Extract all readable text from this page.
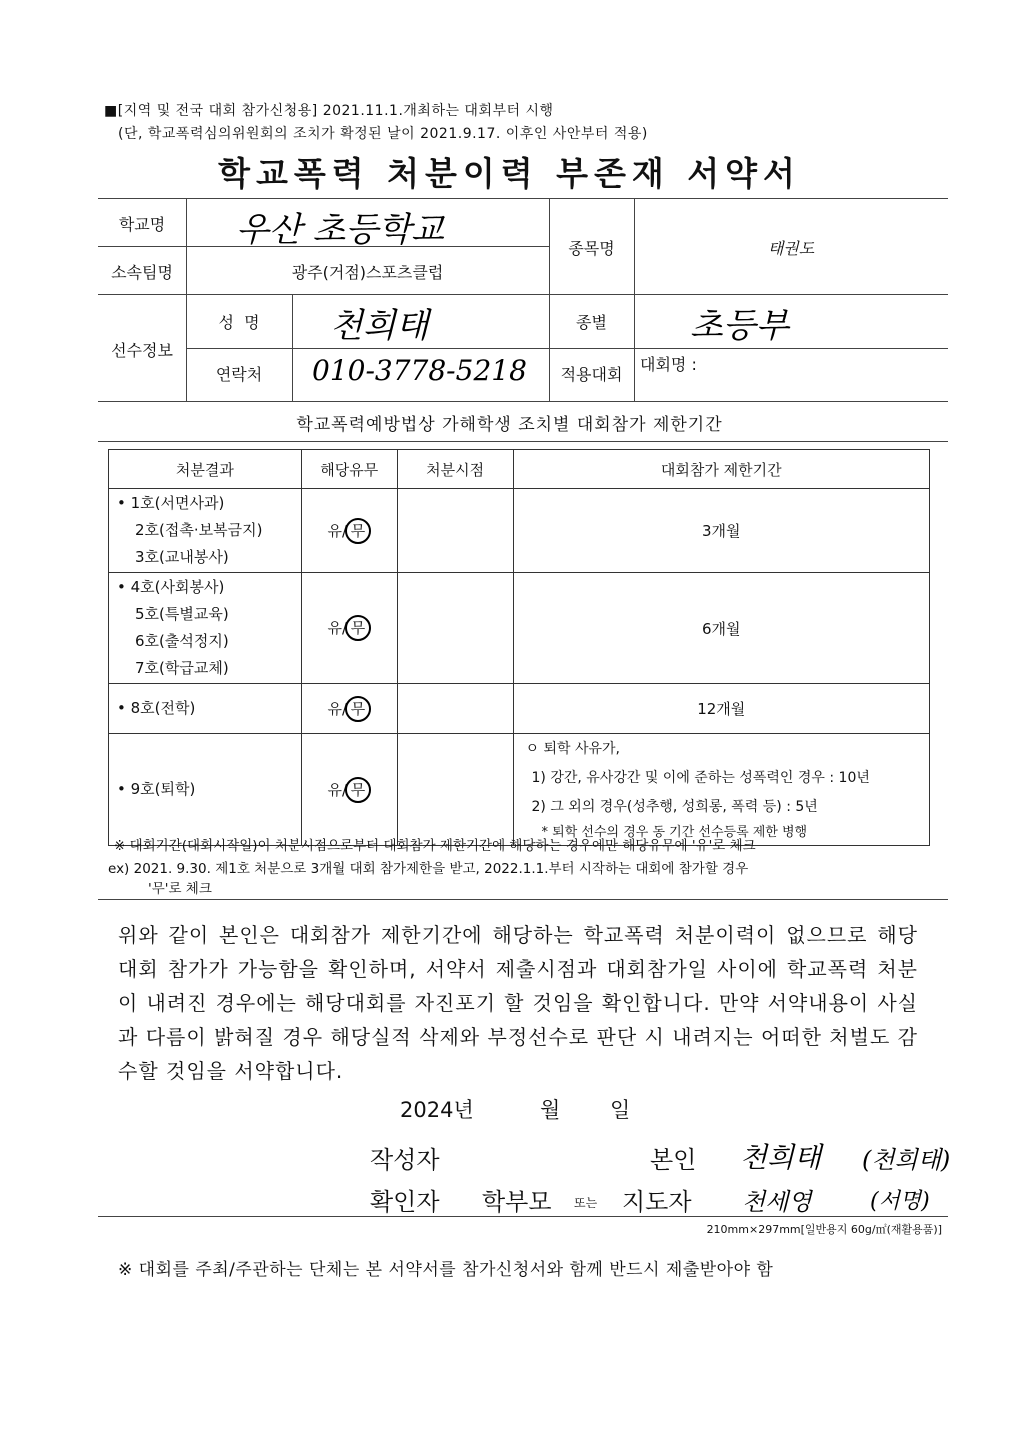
■[지역 및 전국 대회 참가신청용] 2021.11.1.개최하는 대회부터 시행
(단, 학교폭력심의위원회의 조치가 확정된 날이 2021.9.17. 이후인 사안부터 적용)
학교폭력 처분이력 부존재 서약서
학교명	우산 초등학교
소속팀명	광주(거점)스포츠클럽
종목명	태권도
선수정보
성  명	천희태	종별	초등부
연락처	010-3778-5218	적용대회
대회명 :
학교폭력예방법상 가해학생 조치별 대회참가 제한기간
처분결과	해당유무	처분시점	대회참가 제한기간

• 1호(서면사과)
2호(접촉·보복금지)
3호(교내봉사)	유/ 무		3개월

• 4호(사회봉사)
5호(특별교육)
6호(출석정지)
7호(학급교체)	유/ 무		6개월

• 8호(전학)	유/ 무		12개월

• 9호(퇴학)	유/ 무		ㅇ 퇴학 사유가,
1) 강간, 유사강간 및 이에 준하는 성폭력인 경우 : 10년
2) 그 외의 경우(성추행, 성희롱, 폭력 등) : 5년
* 퇴학 선수의 경우 동 기간 선수등록 제한 병행
※ 대회기간(대회시작일)이 처분시점으로부터 대회참가 제한기간에 해당하는 경우에만 해당유무에 '유'로 체크
ex) 2021. 9.30. 제1호 처분으로 3개월 대회 참가제한을 받고, 2022.1.1.부터 시작하는 대회에 참가할 경우
'무'로 체크
위와 같이 본인은 대회참가 제한기간에 해당하는 학교폭력 처분이력이 없으므로 해당 대회 참가가 가능함을 확인하며, 서약서 제출시점과 대회참가일 사이에 학교폭력 처분이 내려진 경우에는 해당대회를 자진포기 할 것임을 확인합니다. 만약 서약내용이 사실과 다름이 밝혀질 경우 해당실적 삭제와 부정선수로 판단 시 내려지는 어떠한 처벌도 감수할 것임을 서약합니다.
2024년	월 일
작성자	본인 천희태 (천희태)
확인자 학부모 또는 지도자 천세영	(서명)
210mm×297mm[일반용지 60g/㎡(재활용품)]
※ 대회를 주최/주관하는 단체는 본 서약서를 참가신청서와 함께 반드시 제출받아야 함
